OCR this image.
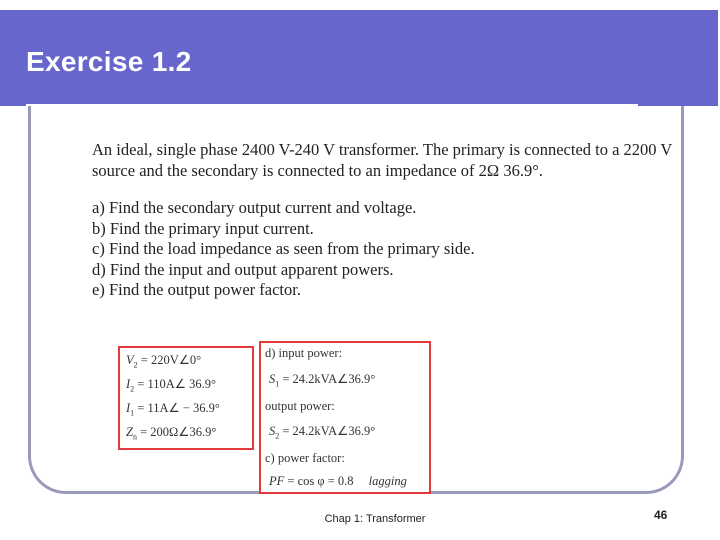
Exercise 1.2

An ideal, single phase 2400 V-240 V transformer. The primary is connected to a 2200 V source and the secondary is connected to an impedance of 2Ω 36.9°.

a) Find the secondary output current and voltage.
b) Find the primary input current.
c) Find the load impedance as seen from the primary side.
d) Find the input and output apparent powers.
e) Find the output power factor.
$V_2$ = 220V∠0°
$I_2$ = 110A∠ 36.9°
$I_1$ = 11A∠ − 36.9°
$Z_n$ = 200Ω∠36.9°
d) input power:
$S_1$ = 24.2kVA∠36.9°
output power:
$S_2$ = 24.2kVA∠36.9°
c) power factor:
PF = cos φ = 0.8 lagging

Chap 1: Transformer	46
